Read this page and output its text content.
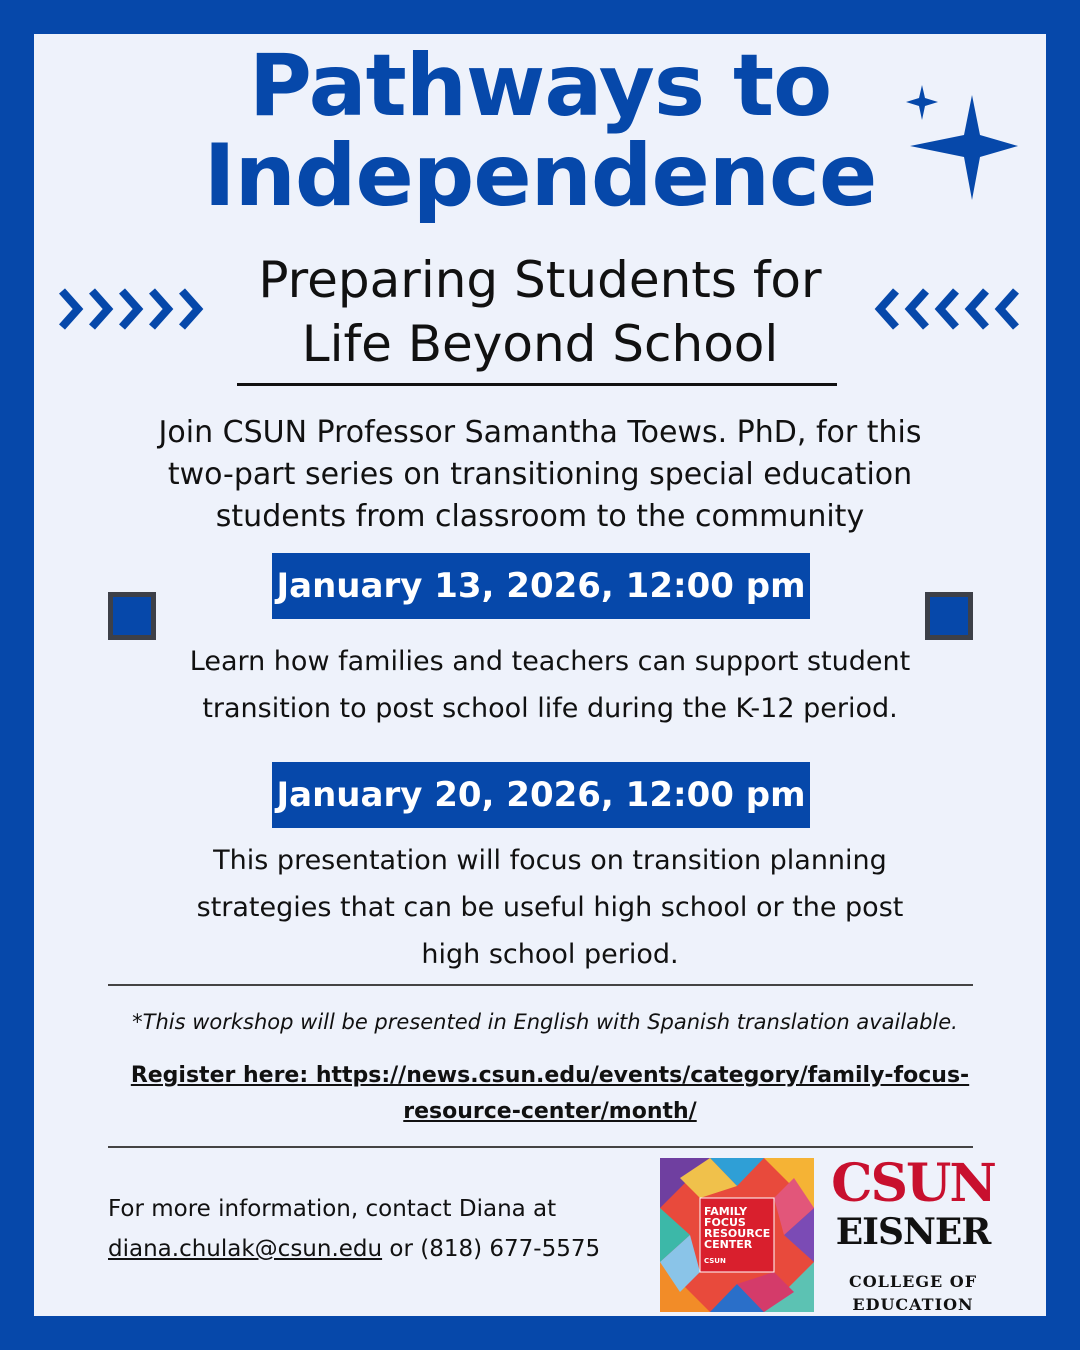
Pathways to
Independence
Preparing Students for
Life Beyond School
Join CSUN Professor Samantha Toews. PhD, for this
two-part series on transitioning special education
students from classroom to the community
January 13, 2026, 12:00 pm
Learn how families and teachers can support student
transition to post school life during the K-12 period.
January 20, 2026, 12:00 pm
This presentation will focus on transition planning
strategies that can be useful high school or the post
high school period.
*This workshop will be presented in English with Spanish translation available.
Register here: https://news.csun.edu/events/category/family-focus-
resource-center/month/
For more information, contact Diana at
diana.chulak@csun.edu or (818) 677-5575
FAMILY
FOCUS
RESOURCE
CENTER
CSUN
CSUN
EISNER
COLLEGE OF
EDUCATION
